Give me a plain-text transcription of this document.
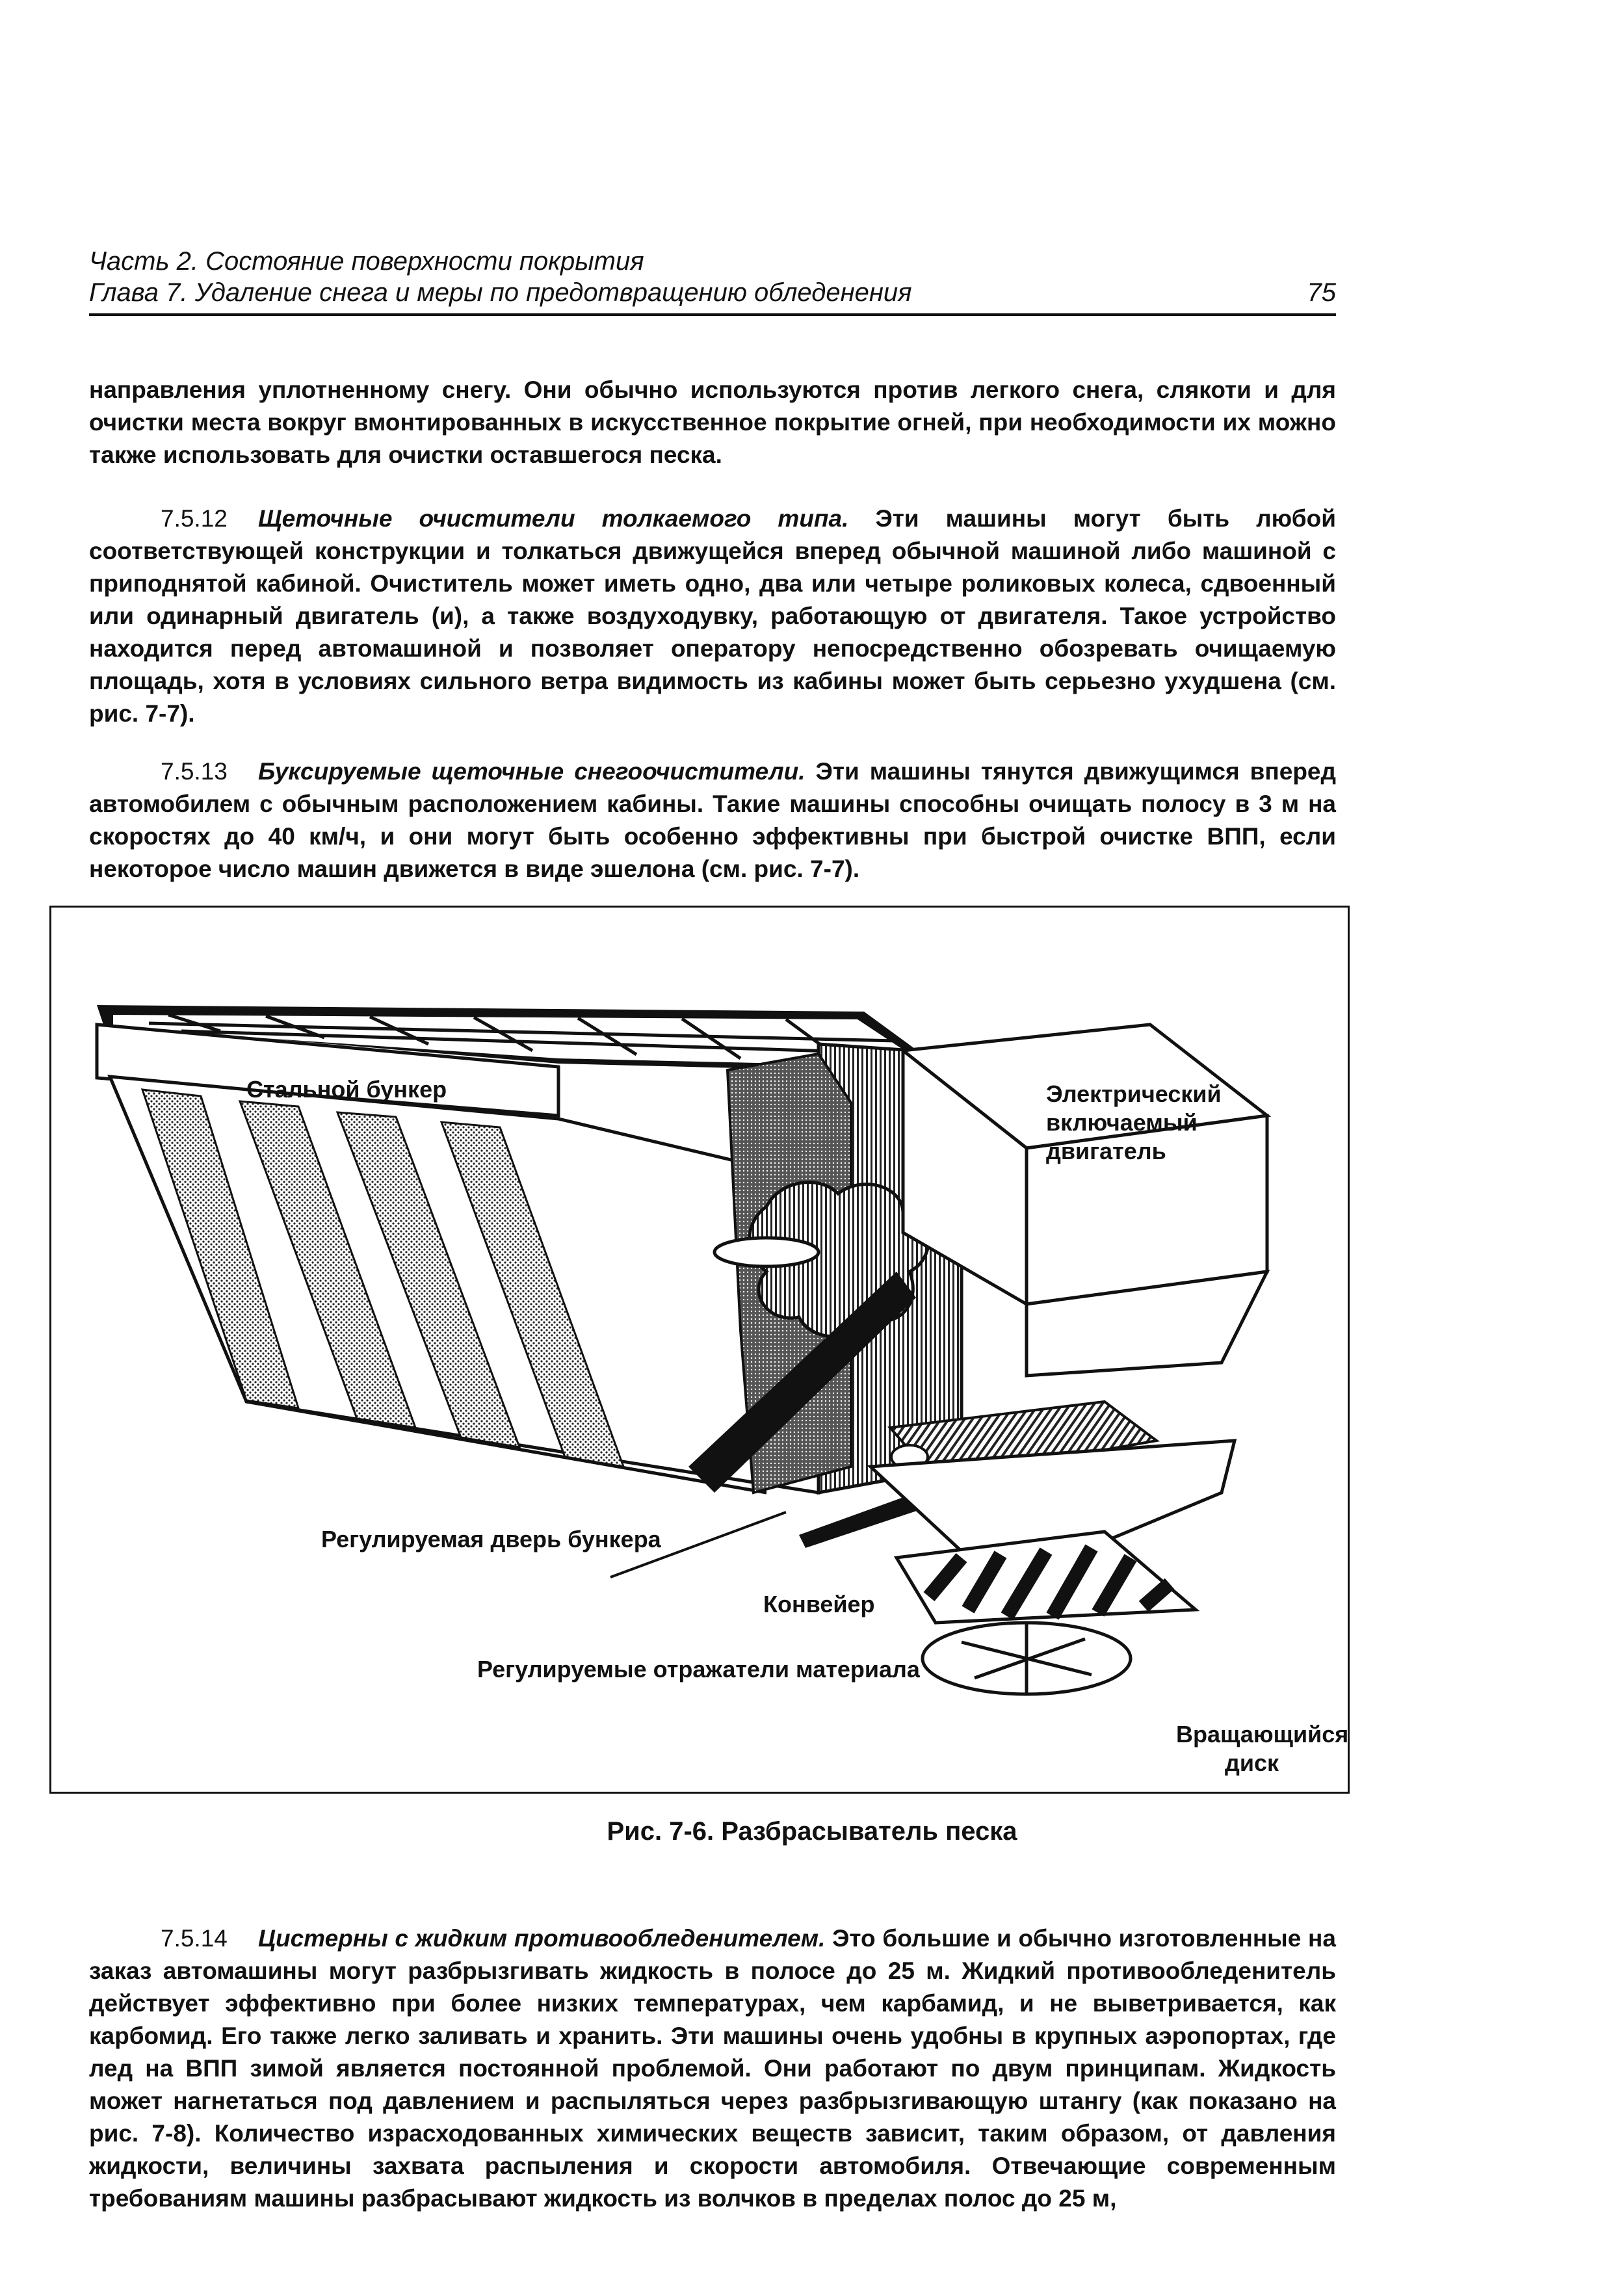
Часть 2. Состояние поверхности покрытия
Глава 7. Удаление снега и меры по предотвращению обледенения	75
направления уплотненному снегу. Они обычно используются против легкого снега, слякоти и для очистки места вокруг вмонтированных в искусственное покрытие огней, при необходимости их можно также использовать для очистки оставшегося песка.
7.5.12 Щеточные очистители толкаемого типа. Эти машины могут быть любой соответствующей конструкции и толкаться движущейся вперед обычной машиной либо машиной с приподнятой кабиной. Очиститель может иметь одно, два или четыре роликовых колеса, сдвоенный или одинарный двигатель (и), а также воздуходувку, работающую от двигателя. Такое устройство находится перед автомашиной и позволяет оператору непосредственно обозревать очищаемую площадь, хотя в условиях сильного ветра видимость из кабины может быть серьезно ухудшена (см. рис. 7-7).
7.5.13 Буксируемые щеточные снегоочистители. Эти машины тянутся движущимся вперед автомобилем с обычным расположением кабины. Такие машины способны очищать полосу в 3 м на скоростях до 40 км/ч, и они могут быть особенно эффективны при быстрой очистке ВПП, если некоторое число машин движется в виде эшелона (см. рис. 7-7).
Стальной бункер	Электрический
включаемый
двигатель
Регулируемая дверь бункера
Конвейер
Регулируемые отражатели материала
Вращающийся
диск
Рис. 7-6. Разбрасыватель песка
7.5.14 Цистерны с жидким противообледенителем. Это большие и обычно изготовленные на заказ автомашины могут разбрызгивать жидкость в полосе до 25 м. Жидкий противообледенитель действует эффективно при более низких температурах, чем карбамид, и не выветривается, как карбомид. Его также легко заливать и хранить. Эти машины очень удобны в крупных аэропортах, где лед на ВПП зимой является постоянной проблемой. Они работают по двум принципам. Жидкость может нагнетаться под давлением и распыляться через разбрызгивающую штангу (как показано на рис. 7-8). Количество израсходованных химических веществ зависит, таким образом, от давления жидкости, величины захвата распыления и скорости автомобиля. Отвечающие современным требованиям машины разбрасывают жидкость из волчков в пределах полос до 25 м,
